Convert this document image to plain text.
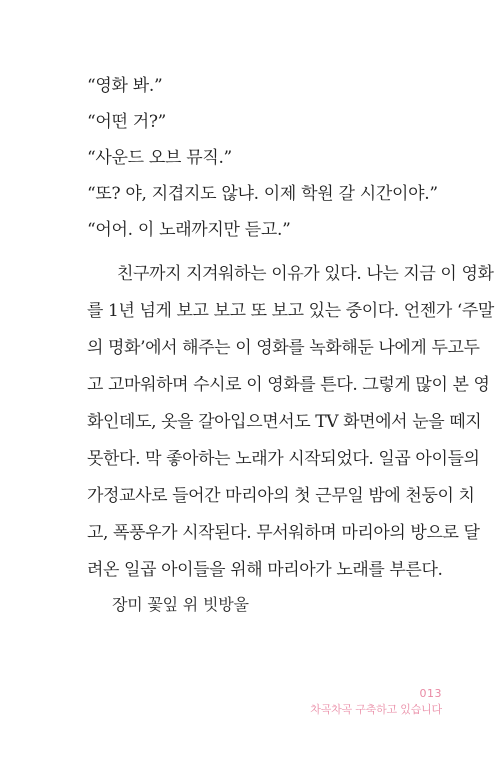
“영화 봐.”
“어떤 거?”
“사운드 오브 뮤직.”
“또? 야, 지겹지도 않냐. 이제 학원 갈 시간이야.”
“어어. 이 노래까지만 듣고.”
친구까지 지겨워하는 이유가 있다. 나는 지금 이 영화
를 1년 넘게 보고 보고 또 보고 있는 중이다. 언젠가 ‘주말
의 명화’에서 해주는 이 영화를 녹화해둔 나에게 두고두
고 고마워하며 수시로 이 영화를 튼다. 그렇게 많이 본 영
화인데도, 옷을 갈아입으면서도 TV 화면에서 눈을 떼지
못한다. 막 좋아하는 노래가 시작되었다. 일곱 아이들의
가정교사로 들어간 마리아의 첫 근무일 밤에 천둥이 치
고, 폭풍우가 시작된다. 무서워하며 마리아의 방으로 달
려온 일곱 아이들을 위해 마리아가 노래를 부른다.
장미 꽃잎 위 빗방울
013
차곡차곡 구축하고 있습니다
